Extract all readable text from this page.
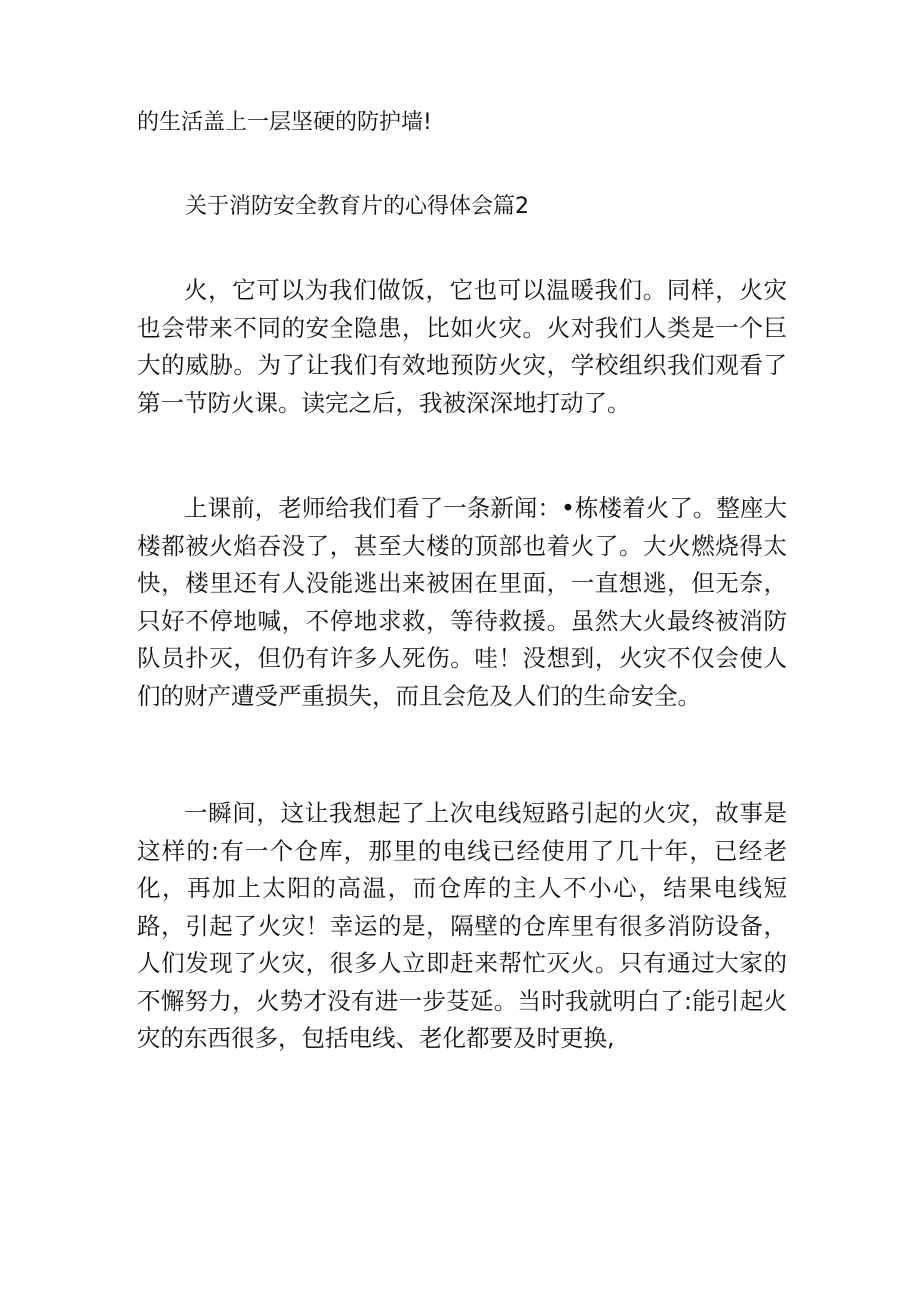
的生活盖上一层坚硬的防护墙!
关于消防安全教育片的心得体会篇2

火，它可以为我们做饭，它也可以温暖我们。同样，火灾也会带来不同的安全隐患，比如火灾。火对我们人类是一个巨大的威胁。为了让我们有效地预防火灾，学校组织我们观看了第一节防火课。读完之后，我被深深地打动了。

上课前，老师给我们看了一条新闻：•栋楼着火了。整座大楼都被火焰吞没了，甚至大楼的顶部也着火了。大火燃烧得太快，楼里还有人没能逃出来被困在里面，一直想逃，但无奈，只好不停地喊，不停地求救，等待救援。虽然大火最终被消防队员扑灭，但仍有许多人死伤。哇！没想到，火灾不仅会使人们的财产遭受严重损失，而且会危及人们的生命安全。

一瞬间，这让我想起了上次电线短路引起的火灾，故事是这样的:有一个仓库，那里的电线已经使用了几十年，已经老化，再加上太阳的高温，而仓库的主人不小心，结果电线短路，引起了火灾！幸运的是，隔壁的仓库里有很多消防设备，人们发现了火灾，很多人立即赶来帮忙灭火。只有通过大家的不懈努力，火势才没有进一步芟延。当时我就明白了:能引起火灾的东西很多，包括电线、老化都要及时更换,
